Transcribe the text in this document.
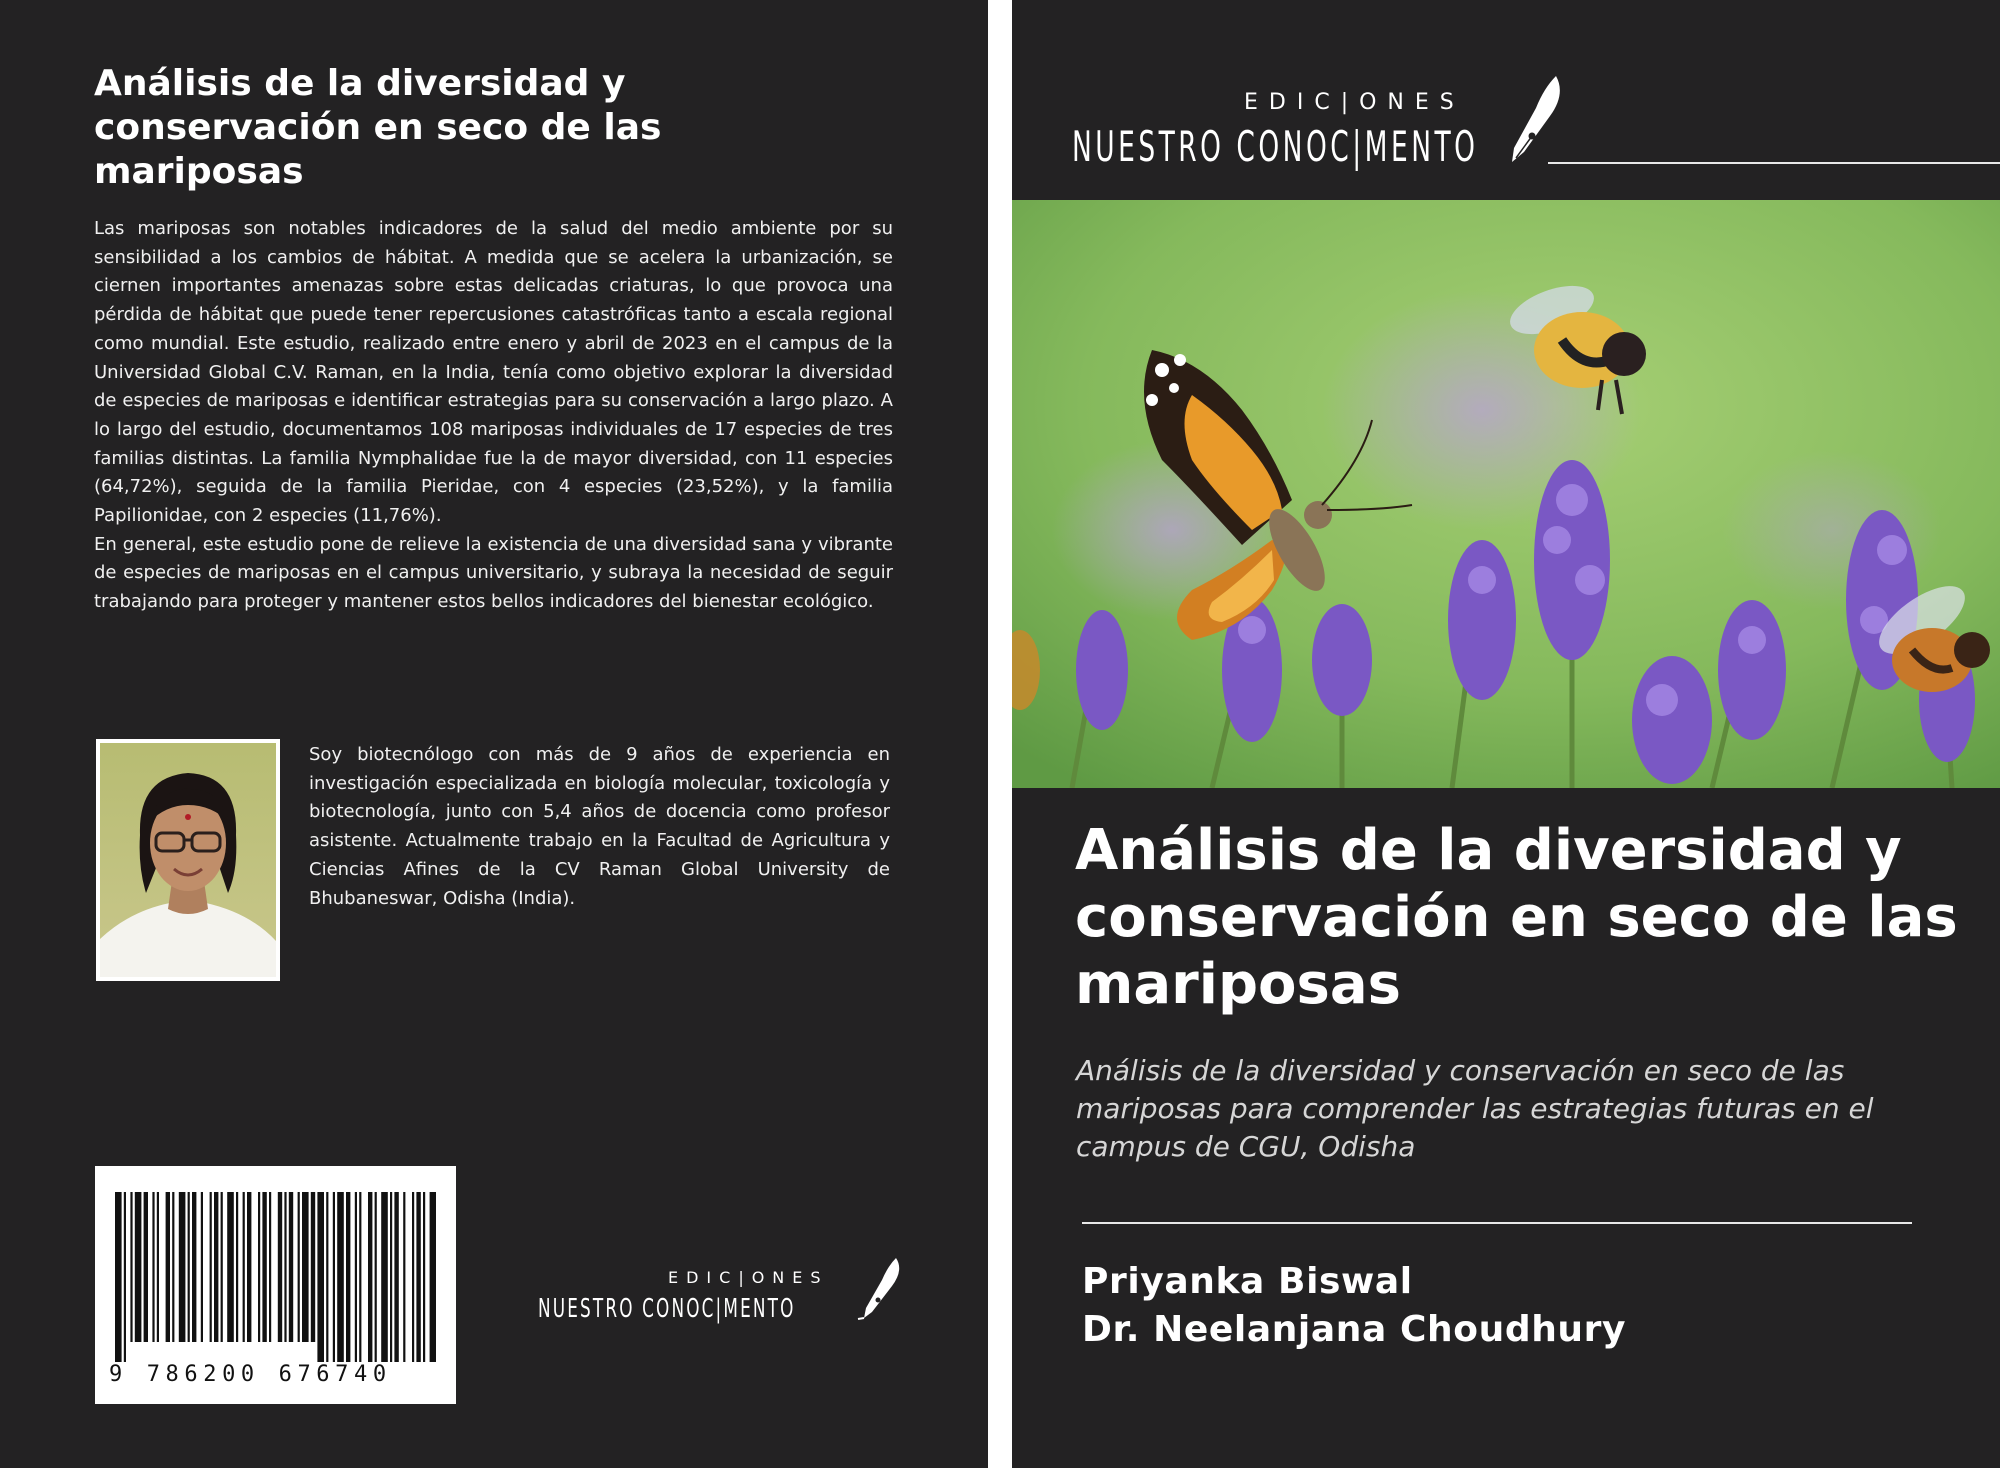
Análisis de la diversidad y conservación en seco de las mariposas

Las mariposas son notables indicadores de la salud del medio ambiente por su sensibilidad a los cambios de hábitat. A medida que se acelera la urbanización, se ciernen importantes amenazas sobre estas delicadas criaturas, lo que provoca una pérdida de hábitat que puede tener repercusiones catastróficas tanto a escala regional como mundial. Este estudio, realizado entre enero y abril de 2023 en el campus de la Universidad Global C.V. Raman, en la India, tenía como objetivo explorar la diversidad de especies de mariposas e identificar estrategias para su conservación a largo plazo. A lo largo del estudio, documentamos 108 mariposas individuales de 17 especies de tres familias distintas. La familia Nymphalidae fue la de mayor diversidad, con 11 especies (64,72%), seguida de la familia Pieridae, con 4 especies (23,52%), y la familia Papilionidae, con 2 especies (11,76%).

En general, este estudio pone de relieve la existencia de una diversidad sana y vibrante de especies de mariposas en el campus universitario, y subraya la necesidad de seguir trabajando para proteger y mantener estos bellos indicadores del bienestar ecológico.

Soy biotecnólogo con más de 9 años de experiencia en investigación especializada en biología molecular, toxicología y biotecnología, junto con 5,4 años de docencia como profesor asistente. Actualmente trabajo en la Facultad de Agricultura y Ciencias Afines de la CV Raman Global University de Bhubaneswar, Odisha (India).

9 786200 676740
EDIC|ONES
NUESTRO CONOC|MENTO
EDIC|ONES
NUESTRO CONOC|MENTO
Análisis de la diversidad y conservación en seco de las mariposas
Análisis de la diversidad y conservación en seco de las mariposas para comprender las estrategias futuras en el campus de CGU, Odisha
Priyanka Biswal
Dr. Neelanjana Choudhury
